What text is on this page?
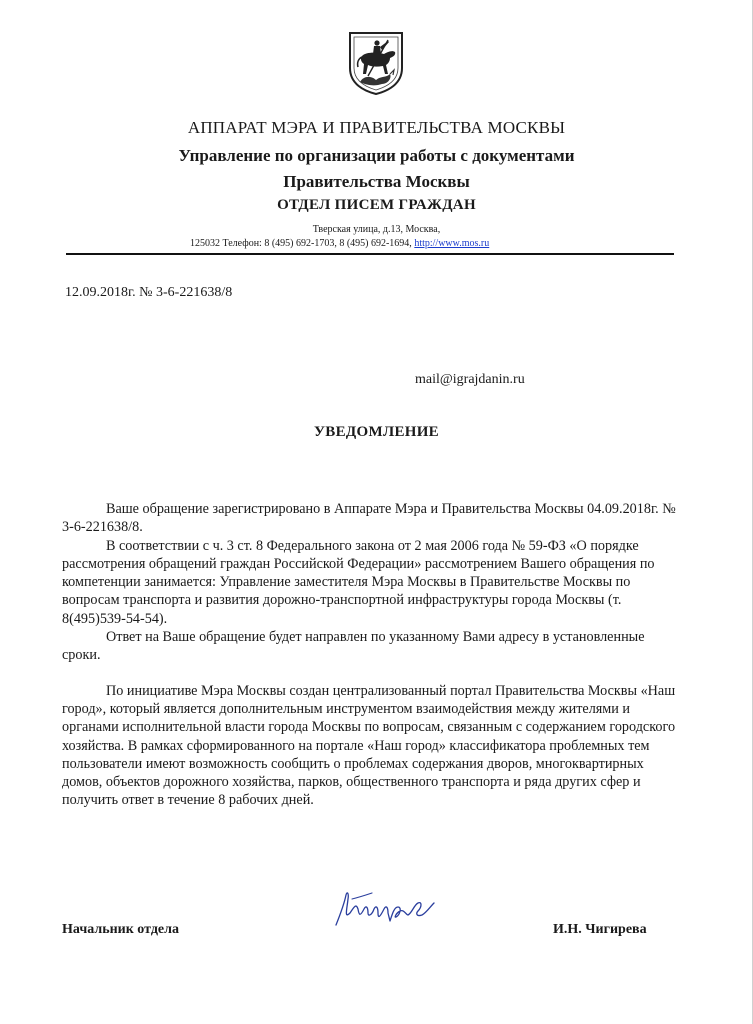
АППАРАТ МЭРА И ПРАВИТЕЛЬСТВА МОСКВЫ
Управление по организации работы с документами
Правительства Москвы
ОТДЕЛ ПИСЕМ ГРАЖДАН
Тверская улица, д.13, Москва,
125032 Телефон: 8 (495) 692-1703, 8 (495) 692-1694, http://www.mos.ru
12.09.2018г. № 3-6-221638/8
mail@igrajdanin.ru
УВЕДОМЛЕНИЕ

Ваше обращение зарегистрировано в Аппарате Мэра и Правительства Москвы 04.09.2018г. № 3-6-221638/8.

В соответствии с ч. 3 ст. 8 Федерального закона от 2 мая 2006 года № 59-ФЗ «О порядке рассмотрения обращений граждан Российской Федерации» рассмотрением Вашего обращения по компетенции занимается: Управление заместителя Мэра Москвы в Правительстве Москвы по вопросам транспорта и развития дорожно-транспортной инфраструктуры города Москвы (т. 8(495)539-54-54).

Ответ на Ваше обращение будет направлен по указанному Вами адресу в установленные сроки.

По инициативе Мэра Москвы создан централизованный портал Правительства Москвы «Наш город», который является дополнительным инструментом взаимодействия между жителями и органами исполнительной власти города Москвы по вопросам, связанным с содержанием городского хозяйства. В рамках сформированного на портале «Наш город» классификатора проблемных тем пользователи имеют возможность сообщить о проблемах содержания дворов, многоквартирных домов, объектов дорожного хозяйства, парков, общественного транспорта и ряда других сфер и получить ответ в течение 8 рабочих дней.

Начальник отдела	И.Н. Чигирева
